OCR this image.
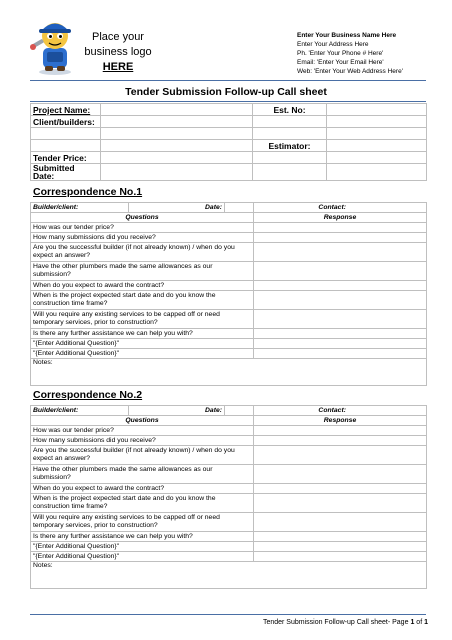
Place your
business logo
HERE
Enter Your Business Name Here
Enter Your Address Here
Ph. 'Enter Your Phone # Here'
Email: 'Enter Your Email Here'
Web: 'Enter Your Web Address Here'
Tender Submission Follow-up Call sheet
Project Name:		Est. No:	
Client/builders:			

		Estimator:	
Tender Price:			
Submitted Date:			
Correspondence No.1
Builder/client:	Date:		Contact:
Questions			Response
How was our tender price?			
How many submissions did you receive?			
Are you the successful builder (if not already known) / when do you expect an answer?			
Have the other plumbers made the same allowances as our submission?			
When do you expect to award the contract?			
When is the project expected start date and do you know the construction time frame?			
Will you require any existing services to be capped off or need temporary services, prior to construction?			
Is there any further assistance we can help you with?			
"{Enter Additional Question}"			
"{Enter Additional Question}"			
Notes:			
Correspondence No.2
Builder/client:	Date:		Contact:
Questions			Response
How was our tender price?			
How many submissions did you receive?			
Are you the successful builder (if not already known) / when do you expect an answer?			
Have the other plumbers made the same allowances as our submission?			
When do you expect to award the contract?			
When is the project expected start date and do you know the construction time frame?			
Will you require any existing services to be capped off or need temporary services, prior to construction?			
Is there any further assistance we can help you with?			
"{Enter Additional Question}"			
"{Enter Additional Question}"			
Notes:			
Tender Submission Follow-up Call sheet- Page 1 of 1
